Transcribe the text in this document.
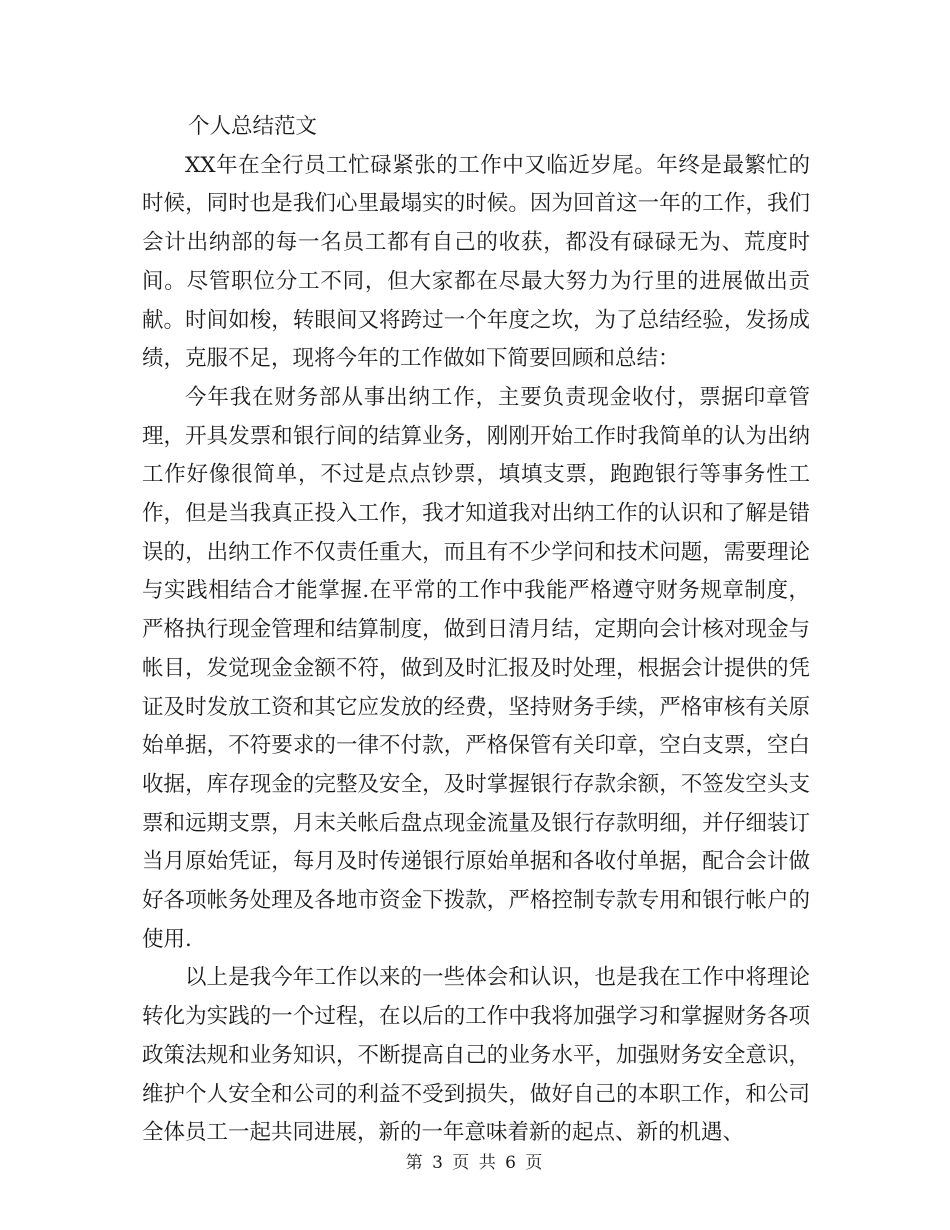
个人总结范文

XX年在全行员工忙碌紧张的工作中又临近岁尾。年终是最繁忙的时候，同时也是我们心里最塌实的时候。因为回首这一年的工作，我们会计出纳部的每一名员工都有自己的收获，都没有碌碌无为、荒度时间。尽管职位分工不同，但大家都在尽最大努力为行里的进展做出贡献。时间如梭，转眼间又将跨过一个年度之坎，为了总结经验，发扬成绩，克服不足，现将今年的工作做如下简要回顾和总结：

今年我在财务部从事出纳工作，主要负责现金收付，票据印章管理，开具发票和银行间的结算业务，刚刚开始工作时我简单的认为出纳工作好像很简单，不过是点点钞票，填填支票，跑跑银行等事务性工作，但是当我真正投入工作，我才知道我对出纳工作的认识和了解是错误的，出纳工作不仅责任重大，而且有不少学问和技术问题，需要理论与实践相结合才能掌握.在平常的工作中我能严格遵守财务规章制度，严格执行现金管理和结算制度，做到日清月结，定期向会计核对现金与帐目，发觉现金金额不符，做到及时汇报及时处理，根据会计提供的凭证及时发放工资和其它应发放的经费，坚持财务手续，严格审核有关原始单据，不符要求的一律不付款，严格保管有关印章，空白支票，空白收据，库存现金的完整及安全，及时掌握银行存款余额，不签发空头支票和远期支票，月末关帐后盘点现金流量及银行存款明细，并仔细装订当月原始凭证，每月及时传递银行原始单据和各收付单据，配合会计做好各项帐务处理及各地市资金下拨款，严格控制专款专用和银行帐户的使用.

以上是我今年工作以来的一些体会和认识，也是我在工作中将理论转化为实践的一个过程，在以后的工作中我将加强学习和掌握财务各项政策法规和业务知识，不断提高自己的业务水平，加强财务安全意识，维护个人安全和公司的利益不受到损失，做好自己的本职工作，和公司全体员工一起共同进展，新的一年意味着新的起点、新的机遇、

第 3 页 共 6 页
